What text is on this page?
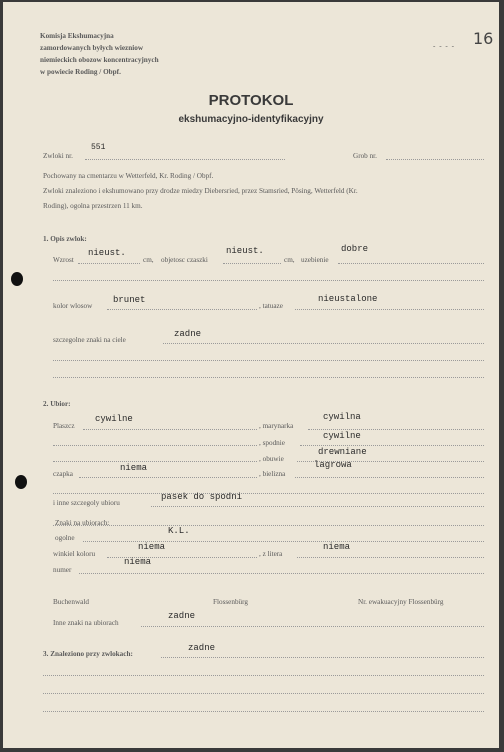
Komisja Ekshumacyjna
zamordowanych byłych wiezniow
niemieckich obozow koncentracyjnych
w powiecie Roding / Obpf.
- - - - 16
PROTOKOL
ekshumacyjno-identyfikacyjny
Zwloki nr.
551
Grob nr.
Pochowany na cmentarzu w Wetterfeld, Kr. Roding / Obpf.
Zwloki znaleziono i ekshumowano przy drodze miedzy Diebersried, przez Stamsried, Pösing, Wetterfeld (Kr.
Roding), ogolna przestrzen 11 km.
1. Opis zwlok:
Wzrost
nieust.
cm, objetosc czaszki
nieust.
cm, uzebienie
dobre
kolor wlosow
brunet
, tatuaze
nieustalone
szczegolne znaki na ciele
zadne
2. Ubior:
Plaszcz
cywilne
, marynarka
cywilna
, spodnie
cywilne
, obuwie
drewniane
czapka
niema
, bielizna
lagrowa
i inne szczegoly ubioru
pasek do spodni
Znaki na ubiorach:
ogolne
K.L.
winkiel koloru
niema
, z litera
niema
numer
niema
Buchenwald	Flossenbürg	Nr. ewakuacyjny Flossenbürg
Inne znaki na ubiorach
zadne
3. Znaleziono przy zwlokach:
zadne
